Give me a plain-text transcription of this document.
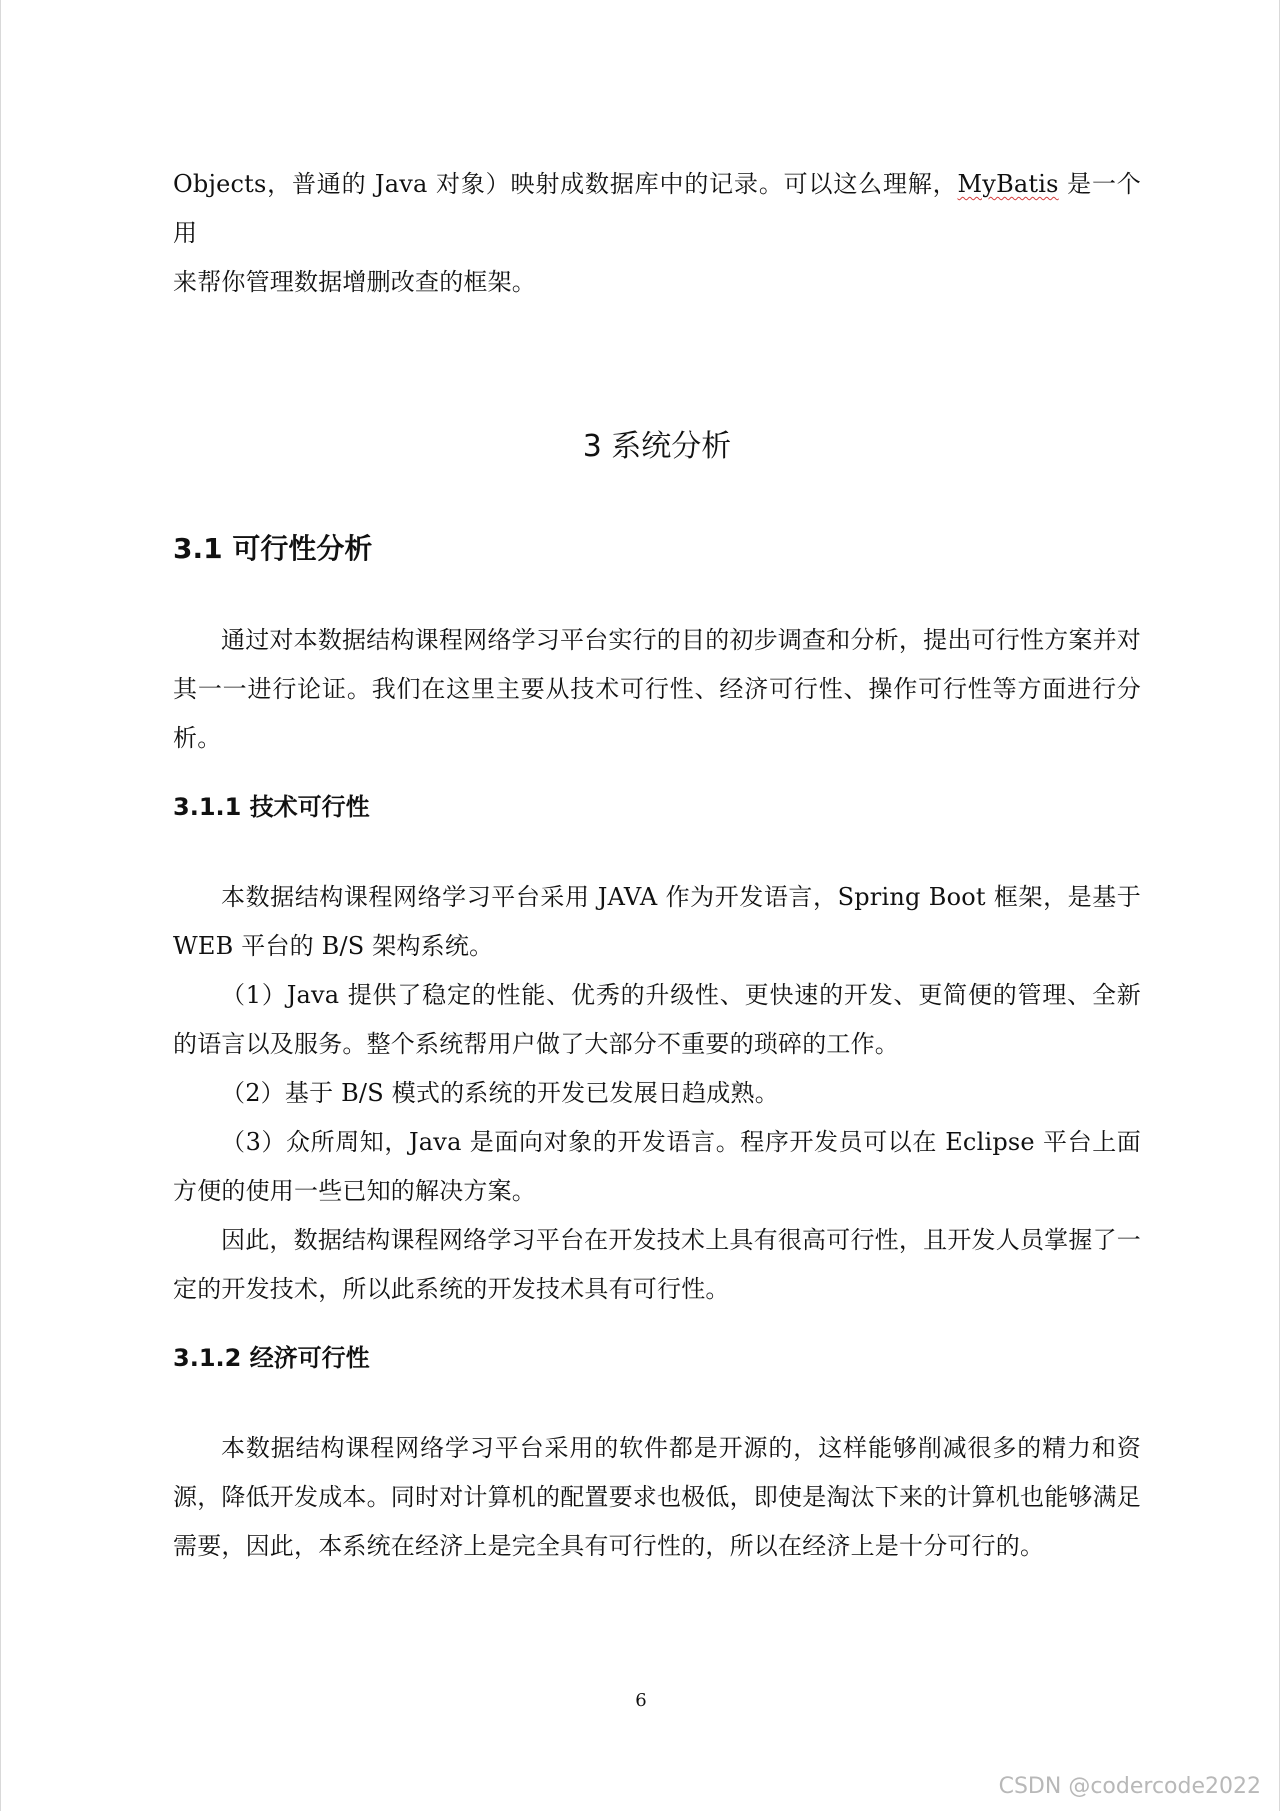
Objects，普通的 Java 对象）映射成数据库中的记录。可以这么理解，MyBatis 是一个用
来帮你管理数据增删改查的框架。

3 系统分析
3.1 可行性分析

通过对本数据结构课程网络学习平台实行的目的初步调查和分析，提出可行性方案并对其一一进行论证。我们在这里主要从技术可行性、经济可行性、操作可行性等方面进行分析。

3.1.1 技术可行性

本数据结构课程网络学习平台采用 JAVA 作为开发语言，Spring Boot 框架，是基于 WEB 平台的 B/S 架构系统。

（1）Java 提供了稳定的性能、优秀的升级性、更快速的开发、更简便的管理、全新的语言以及服务。整个系统帮用户做了大部分不重要的琐碎的工作。

（2）基于 B/S 模式的系统的开发已发展日趋成熟。

（3）众所周知，Java 是面向对象的开发语言。程序开发员可以在 Eclipse 平台上面方便的使用一些已知的解决方案。

因此，数据结构课程网络学习平台在开发技术上具有很高可行性，且开发人员掌握了一定的开发技术，所以此系统的开发技术具有可行性。

3.1.2 经济可行性

本数据结构课程网络学习平台采用的软件都是开源的，这样能够削减很多的精力和资源，降低开发成本。同时对计算机的配置要求也极低，即使是淘汰下来的计算机也能够满足需要，因此，本系统在经济上是完全具有可行性的，所以在经济上是十分可行的。

6
CSDN @codercode2022
